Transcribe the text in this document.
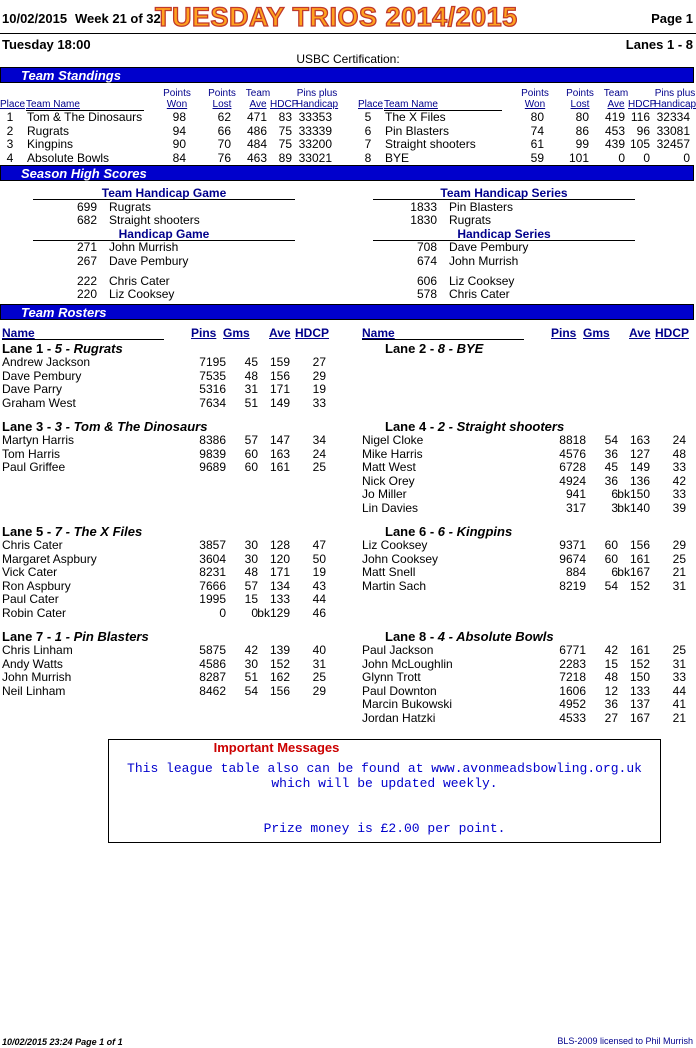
10/02/2015 Week 21 of 32
TUESDAY TRIOS 2014/2015	Page 1
Tuesday 18:00	Lanes 1 - 8
USBC Certification:
Team Standings
Place Team Name
Points
Won
Points
Lost
Team
Ave HDCP
Pins plus
Handicap
1 Tom & The Dinosaurs	98	62	471 83 33353
2 Rugrats	94	66	486 75 33339
3 Kingpins	90	70	484 75 33200
4 Absolute Bowls	84	76	463 89 33021
Place Team Name
Points
Won
Points
Lost
Team
Ave HDCP
Pins plus
Handicap
5 The X Files	80	80	419 116 32334
6 Pin Blasters	74	86	453 96 33081
7 Straight shooters	61	99	439 105 32457
8 BYE	59	101	0	0	0
Season High Scores
Team Handicap Game
699 Rugrats
682 Straight shooters
Team Handicap Series
1833 Pin Blasters
1830 Rugrats
Handicap Game
271 John Murrish
267 Dave Pembury
222 Chris Cater
220 Liz Cooksey
Handicap Series
708 Dave Pembury
674 John Murrish
606 Liz Cooksey
578 Chris Cater
Team Rosters
Name	Pins Gms Ave HDCP	Name	Pins Gms Ave HDCP
Lane 1 - 5 - Rugrats
Andrew Jackson	7195	45 159	27
Dave Pembury	7535	48 156	29
Dave Parry	5316	31 171	19
Graham West	7634	51 149	33
Lane 2 - 8 - BYE
Lane 3 - 3 - Tom & The Dinosaurs
Martyn Harris	8386	57 147	34
Tom Harris	9839	60 163	24
Paul Griffee	9689	60 161	25
Lane 4 - 2 - Straight shooters
Nigel Cloke	8818	54 163	24
Mike Harris	4576	36 127	48
Matt West	6728	45 149	33
Nick Orey	4924	36 136	42
Jo Miller	941	6 bk150	33
Lin Davies	317	3 bk140	39
Lane 5 - 7 - The X Files
Chris Cater	3857	30 128	47
Margaret Aspbury	3604	30 120	50
Vick Cater	8231	48 171	19
Ron Aspbury	7666	57 134	43
Paul Cater	1995	15 133	44
Robin Cater	0	0 bk129	46
Lane 6 - 6 - Kingpins
Liz Cooksey	9371	60 156	29
John Cooksey	9674	60 161	25
Matt Snell	884	6 bk167	21
Martin Sach	8219	54 152	31
Lane 7 - 1 - Pin Blasters
Chris Linham	5875	42 139	40
Andy Watts	4586	30 152	31
John Murrish	8287	51 162	25
Neil Linham	8462	54 156	29
Lane 8 - 4 - Absolute Bowls
Paul Jackson	6771	42 161	25
John McLoughlin	2283	15 152	31
Glynn Trott	7218	48 150	33
Paul Downton	1606	12 133	44
Marcin Bukowski	4952	36 137	41
Jordan Hatzki	4533	27 167	21
Important Messages
This league table also can be found at www.avonmeadsbowling.org.uk
which will be updated weekly.
Prize money is £2.00 per point.
10/02/2015 23:24 Page 1 of 1	BLS-2009 licensed to Phil Murrish
